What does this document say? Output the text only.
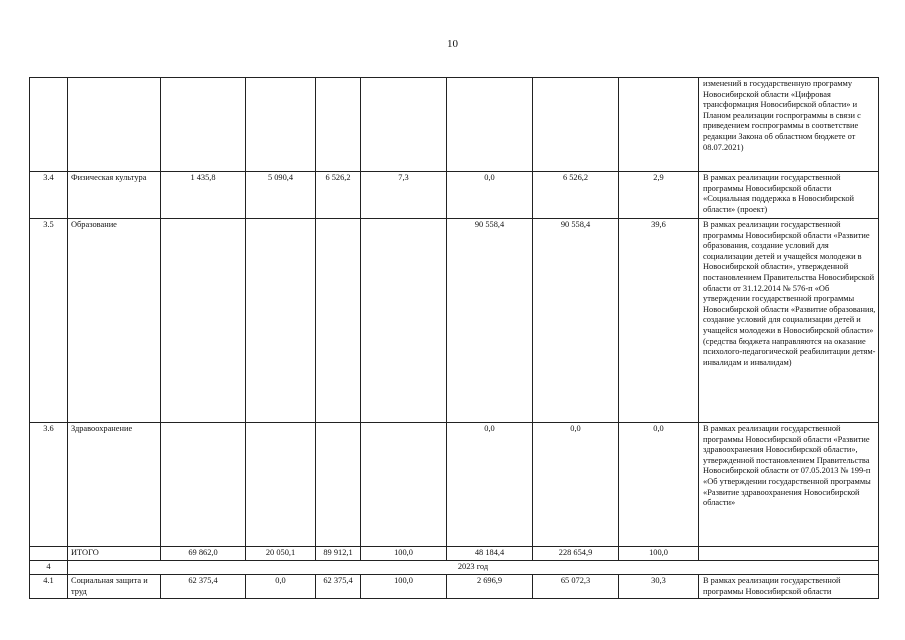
10
									изменений в государственную программу Новосибирской области «Цифровая трансформация Новосибирской области» и Планом реализации госпрограммы в связи с приведением госпрограммы в соответствие редакции Закона об областном бюджете от 08.07.2021)
3.4	Физическая культура	1 435,8	5 090,4	6 526,2	7,3	0,0	6 526,2	2,9	В рамках реализации государственной программы Новосибирской области «Социальная поддержка в Новосибирской области» (проект)
3.5	Образование					90 558,4	90 558,4	39,6	В рамках реализации государственной программы Новосибирской области «Развитие образования, создание условий для социализации детей и учащейся молодежи в Новосибирской области», утвержденной постановлением Правительства Новосибирской области от 31.12.2014 № 576-п «Об утверждении государственной программы Новосибирской области «Развитие образования, создание условий для социализации детей и учащейся молодежи в Новосибирской области» (средства бюджета направляются на оказание психолого-педагогической реабилитации детям-инвалидам и инвалидам)
3.6	Здравоохранение					0,0	0,0	0,0	В рамках реализации государственной программы Новосибирской области «Развитие здравоохранения Новосибирской области», утвержденной постановлением Правительства Новосибирской области от 07.05.2013 № 199-п «Об утверждении государственной программы «Развитие здравоохранения Новосибирской области»
	ИТОГО	69 862,0	20 050,1	89 912,1	100,0	48 184,4	228 654,9	100,0	
4	2023 год								
4.1	Социальная защита и труд	62 375,4	0,0	62 375,4	100,0	2 696,9	65 072,3	30,3	В рамках реализации государственной программы Новосибирской области
